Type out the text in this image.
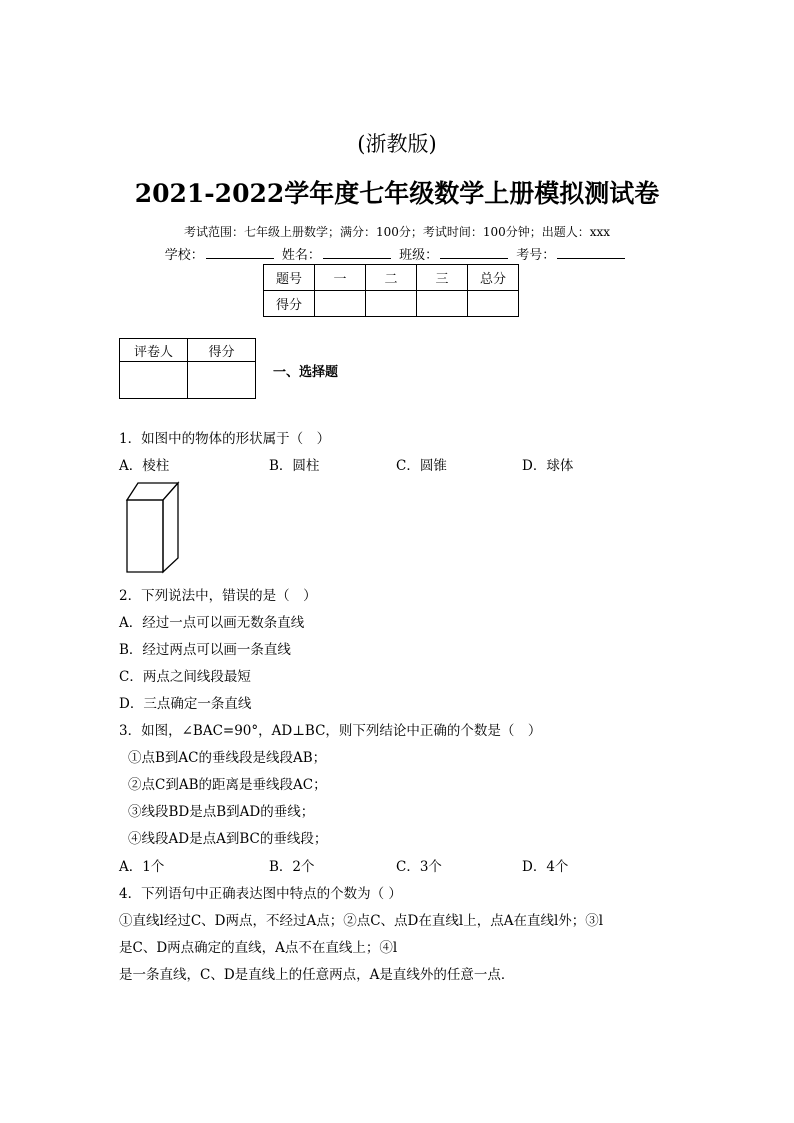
(浙教版)
2021-2022学年度七年级数学上册模拟测试卷
考试范围：七年级上册数学；满分：100分；考试时间：100分钟；出题人：xxx
学校：	姓名：	班级：	考号：
题号	一	二	三	总分
得分				
评卷人	得分

一、选择题
1．如图中的物体的形状属于（　）
A．棱柱	B．圆柱	C．圆锥	D．球体
2．下列说法中，错误的是（　）
A．经过一点可以画无数条直线
B．经过两点可以画一条直线
C．两点之间线段最短
D．三点确定一条直线
3．如图，∠BAC=90°，AD⊥BC，则下列结论中正确的个数是（　）
①点B到AC的垂线段是线段AB；
②点C到AB的距离是垂线段AC；
③线段BD是点B到AD的垂线；
④线段AD是点A到BC的垂线段；
A．1个	B．2个	C．3个	D．4个
4．下列语句中正确表达图中特点的个数为（ ）
①直线l经过C、D两点，不经过A点；②点C、点D在直线l上，点A在直线l外；③l
是C、D两点确定的直线，A点不在直线上；④l
是一条直线，C、D是直线上的任意两点，A是直线外的任意一点．
